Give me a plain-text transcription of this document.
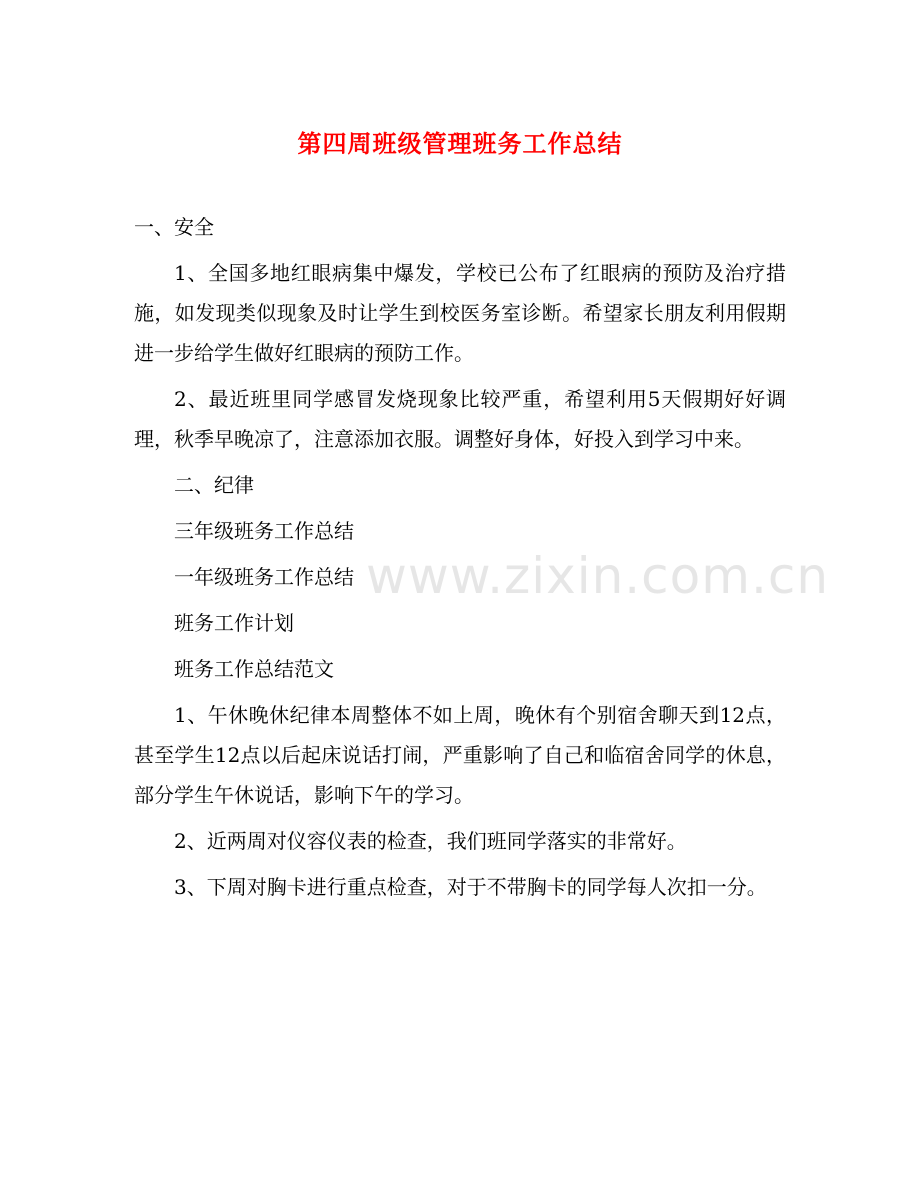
www.zixin.com.cn
第四周班级管理班务工作总结

一、安全

1、全国多地红眼病集中爆发，学校已公布了红眼病的预防及治疗措施，如发现类似现象及时让学生到校医务室诊断。希望家长朋友利用假期进一步给学生做好红眼病的预防工作。

2、最近班里同学感冒发烧现象比较严重，希望利用5天假期好好调理，秋季早晚凉了，注意添加衣服。调整好身体，好投入到学习中来。

二、纪律

三年级班务工作总结

一年级班务工作总结

班务工作计划

班务工作总结范文

1、午休晚休纪律本周整体不如上周，晚休有个别宿舍聊天到12点，甚至学生12点以后起床说话打闹，严重影响了自己和临宿舍同学的休息，部分学生午休说话，影响下午的学习。

2、近两周对仪容仪表的检查，我们班同学落实的非常好。

3、下周对胸卡进行重点检查，对于不带胸卡的同学每人次扣一分。
